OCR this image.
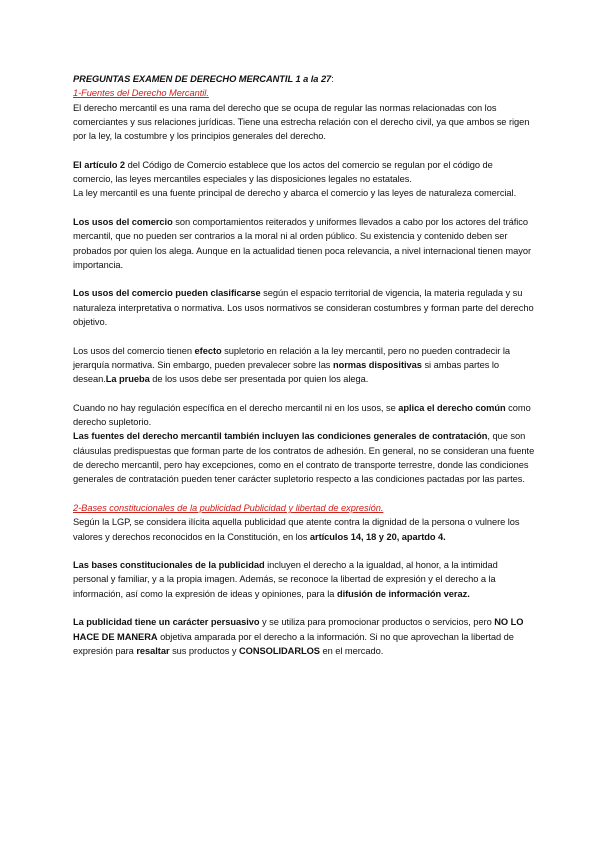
PREGUNTAS EXAMEN DE DERECHO MERCANTIL 1 a la 27:

1-Fuentes del Derecho Mercantil.

El derecho mercantil es una rama del derecho que se ocupa de regular las normas relacionadas con los comerciantes y sus relaciones jurídicas. Tiene una estrecha relación con el derecho civil, ya que ambos se rigen por la ley, la costumbre y los principios generales del derecho.

El artículo 2 del Código de Comercio establece que los actos del comercio se regulan por el código de comercio, las leyes mercantiles especiales y las disposiciones legales no estatales.

La ley mercantil es una fuente principal de derecho y abarca el comercio y las leyes de naturaleza comercial.

Los usos del comercio son comportamientos reiterados y uniformes llevados a cabo por los actores del tráfico mercantil, que no pueden ser contrarios a la moral ni al orden público. Su existencia y contenido deben ser probados por quien los alega. Aunque en la actualidad tienen poca relevancia, a nivel internacional tienen mayor importancia.

Los usos del comercio pueden clasificarse según el espacio territorial de vigencia, la materia regulada y su naturaleza interpretativa o normativa. Los usos normativos se consideran costumbres y forman parte del derecho objetivo.

Los usos del comercio tienen efecto supletorio en relación a la ley mercantil, pero no pueden contradecir la jerarquía normativa. Sin embargo, pueden prevalecer sobre las normas dispositivas si ambas partes lo desean.La prueba de los usos debe ser presentada por quien los alega.

Cuando no hay regulación específica en el derecho mercantil ni en los usos, se aplica el derecho común como derecho supletorio.

Las fuentes del derecho mercantil también incluyen las condiciones generales de contratación, que son cláusulas predispuestas que forman parte de los contratos de adhesión. En general, no se consideran una fuente de derecho mercantil, pero hay excepciones, como en el contrato de transporte terrestre, donde las condiciones generales de contratación pueden tener carácter supletorio respecto a las condiciones pactadas por las partes.

2-Bases constitucionales de la publicidad Publicidad y libertad de expresión.

Según la LGP, se considera ilícita aquella publicidad que atente contra la dignidad de la persona o vulnere los valores y derechos reconocidos en la Constitución, en los artículos 14, 18 y 20, apartdo 4.

Las bases constitucionales de la publicidad incluyen el derecho a la igualdad, al honor, a la intimidad personal y familiar, y a la propia imagen. Además, se reconoce la libertad de expresión y el derecho a la información, así como la expresión de ideas y opiniones, para la difusión de información veraz.

La publicidad tiene un carácter persuasivo y se utiliza para promocionar productos o servicios, pero NO LO HACE DE MANERA objetiva amparada por el derecho a la información. Si no que aprovechan la libertad de expresión para resaltar sus productos y CONSOLIDARLOS en el mercado.
